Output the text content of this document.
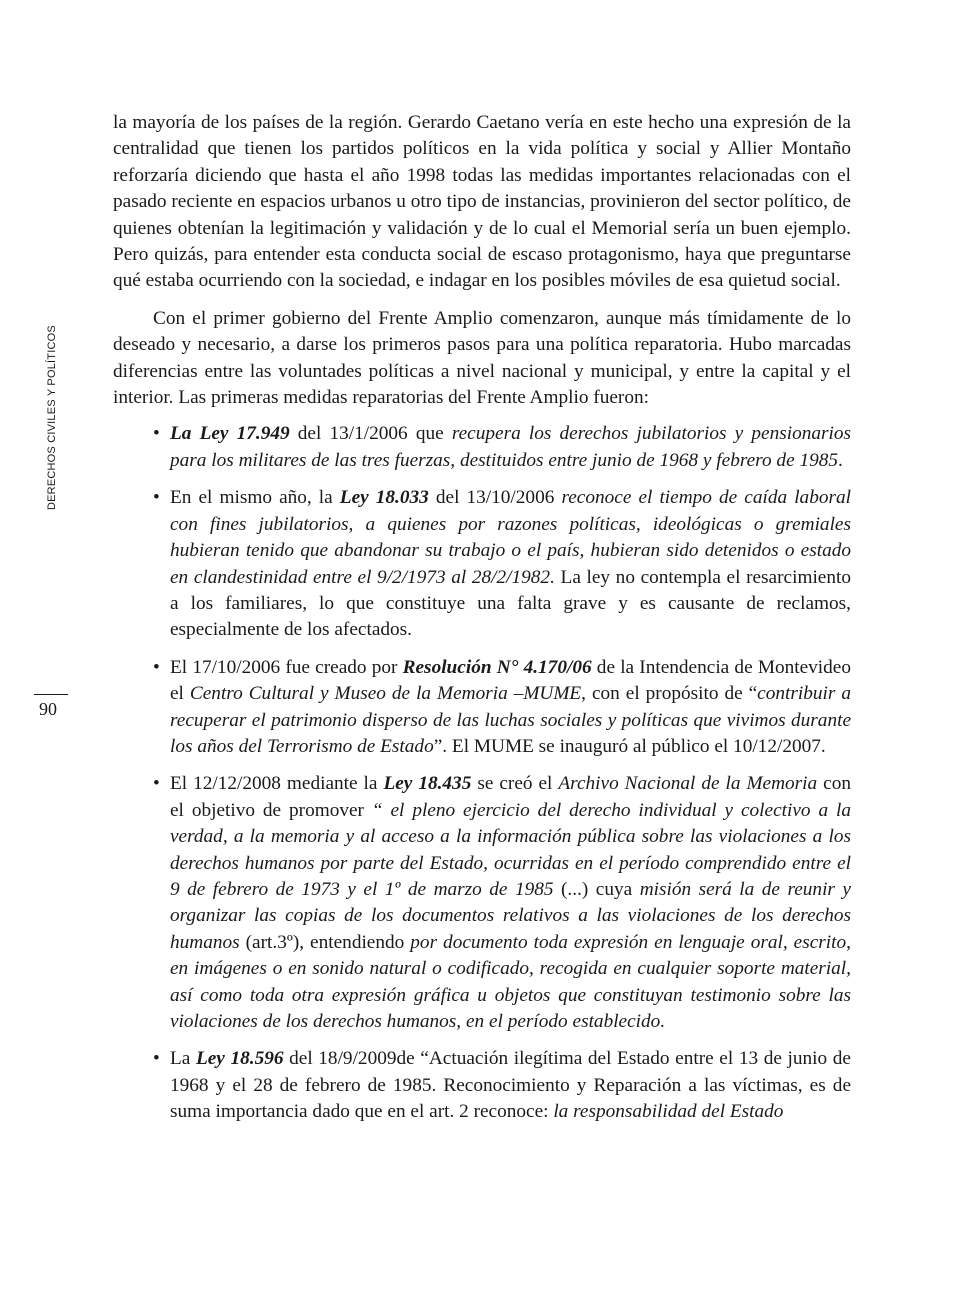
DERECHOS CIVILES Y POLÍTICOS
90

la mayoría de los países de la región. Gerardo Caetano vería en este hecho una expresión de la centralidad que tienen los partidos políticos en la vida política y social y Allier Montaño reforzaría diciendo que hasta el año 1998 todas las medidas importantes relacionadas con el pasado reciente en espacios urbanos u otro tipo de instancias, provinieron del sector político, de quienes obtenían la legitimación y validación y de lo cual el Memorial sería un buen ejemplo. Pero quizás, para entender esta conducta social de escaso protagonismo, haya que preguntarse qué estaba ocurriendo con la sociedad, e indagar en los posibles móviles de esa quietud social.

Con el primer gobierno del Frente Amplio comenzaron, aunque más tímidamente de lo deseado y necesario, a darse los primeros pasos para una política reparatoria. Hubo marcadas diferencias entre las voluntades políticas a nivel nacional y municipal, y entre la capital y el interior. Las primeras medidas reparatorias del Frente Amplio fueron:

• La Ley 17.949 del 13/1/2006 que recupera los derechos jubilatorios y pensionarios para los militares de las tres fuerzas, destituidos entre junio de 1968 y febrero de 1985.
• En el mismo año, la Ley 18.033 del 13/10/2006 reconoce el tiempo de caída laboral con fines jubilatorios, a quienes por razones políticas, ideológicas o gremiales hubieran tenido que abandonar su trabajo o el país, hubieran sido detenidos o estado en clandestinidad entre el 9/2/1973 al 28/2/1982. La ley no contempla el resarcimiento a los familiares, lo que constituye una falta grave y es causante de reclamos, especialmente de los afectados.
• El 17/10/2006 fue creado por Resolución N° 4.170/06 de la Intendencia de Montevideo el Centro Cultural y Museo de la Memoria –MUME, con el propósito de “contribuir a recuperar el patrimonio disperso de las luchas sociales y políticas que vivimos durante los años del Terrorismo de Estado”. El MUME se inauguró al público el 10/12/2007.
• El 12/12/2008 mediante la Ley 18.435 se creó el Archivo Nacional de la Memoria con el objetivo de promover “ el pleno ejercicio del derecho individual y colectivo a la verdad, a la memoria y al acceso a la información pública sobre las violaciones a los derechos humanos por parte del Estado, ocurridas en el período comprendido entre el 9 de febrero de 1973 y el 1º de marzo de 1985 (...) cuya misión será la de reunir y organizar las copias de los documentos relativos a las violaciones de los derechos humanos (art.3º), entendiendo por documento toda expresión en lenguaje oral, escrito, en imágenes o en sonido natural o codificado, recogida en cualquier soporte material, así como toda otra expresión gráfica u objetos que constituyan testimonio sobre las violaciones de los derechos humanos, en el período establecido.
• La Ley 18.596 del 18/9/2009de “Actuación ilegítima del Estado entre el 13 de junio de 1968 y el 28 de febrero de 1985. Reconocimiento y Reparación a las víctimas, es de suma importancia dado que en el art. 2 reconoce: la responsabilidad del Estado
